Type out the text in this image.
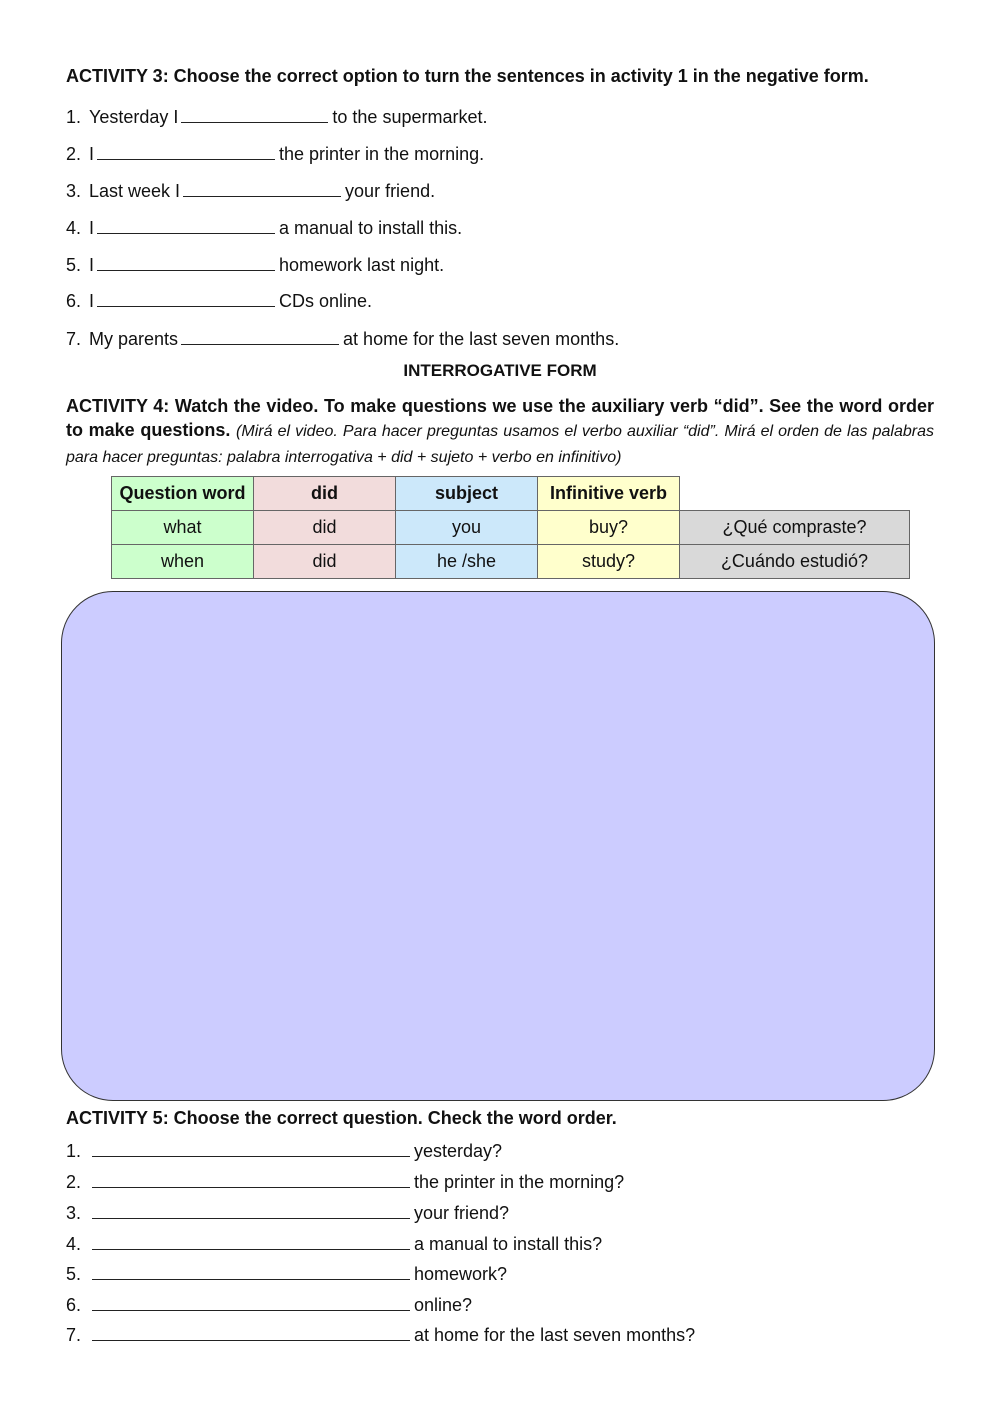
ACTIVITY 3: Choose the correct option to turn the sentences in activity 1 in the negative form.
1. Yesterday I	to the supermarket.
2. I	the printer in the morning.
3. Last week I	your friend.
4. I	a manual to install this.
5. I	homework last night.
6. I	CDs online.
7. My parents	at home for the last seven months.
INTERROGATIVE FORM
ACTIVITY 4: Watch the video. To make questions we use the auxiliary verb “did”. See the word order to make questions. (Mirá el video. Para hacer preguntas usamos el verbo auxiliar “did”. Mirá el orden de las palabras para hacer preguntas: palabra interrogativa + did + sujeto + verbo en infinitivo)
Question word	did	subject	Infinitive verb	
what	did	you	buy?	¿Qué compraste?
when	did	he /she	study?	¿Cuándo estudió?
ACTIVITY 5: Choose the correct question. Check the word order.
1.	yesterday?
2.	the printer in the morning?
3.	your friend?
4.	a manual to install this?
5.	homework?
6.	online?
7.	at home for the last seven months?
